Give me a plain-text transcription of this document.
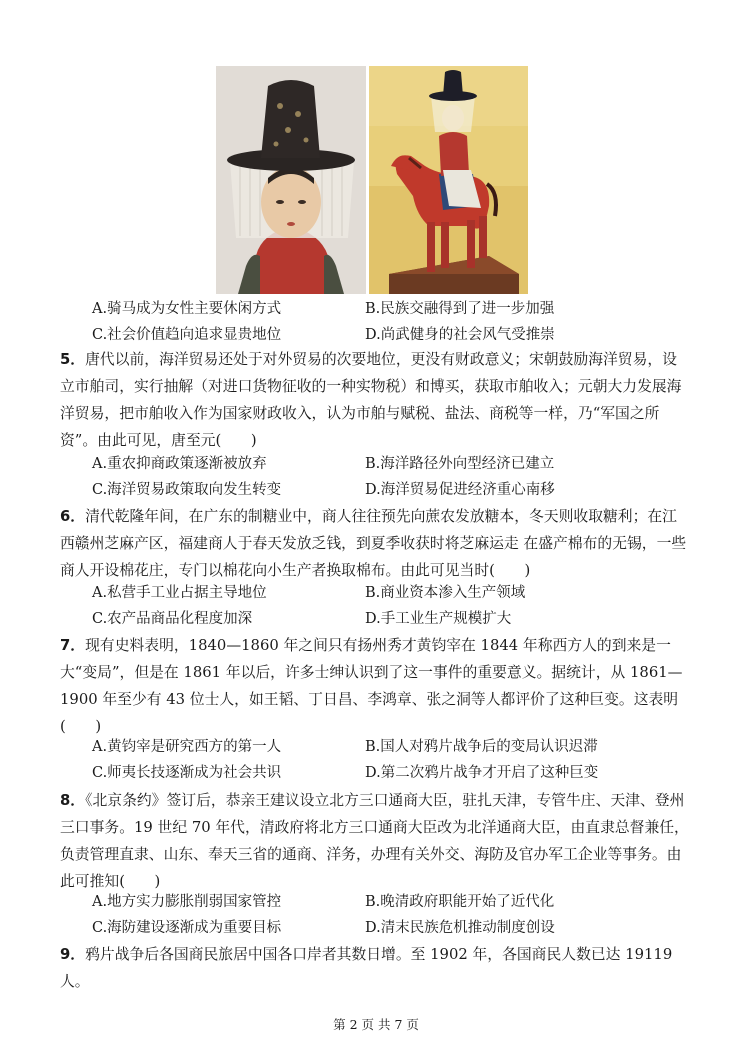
A.骑马成为女性主要休闲方式	B.民族交融得到了进一步加强
C.社会价值趋向追求显贵地位	D.尚武健身的社会风气受推崇
5．唐代以前，海洋贸易还处于对外贸易的次要地位，更没有财政意义；宋朝鼓励海洋贸易，设立市舶司，实行抽解（对进口货物征收的一种实物税）和博买，获取市舶收入；元朝大力发展海洋贸易，把市舶收入作为国家财政收入，认为市舶与赋税、盐法、商税等一样，乃“军国之所资”。由此可见，唐至元(　　)
A.重农抑商政策逐渐被放弃	B.海洋路径外向型经济已建立
C.海洋贸易政策取向发生转变	D.海洋贸易促进经济重心南移
6．清代乾隆年间，在广东的制糖业中，商人往往预先向蔗农发放糖本，冬天则收取糖利；在江西赣州芝麻产区，福建商人于春天发放乏钱，到夏季收获时将芝麻运走 在盛产棉布的无锡，一些商人开设棉花庄，专门以棉花向小生产者换取棉布。由此可见当时(　　)
A.私营手工业占据主导地位	B.商业资本渗入生产领域
C.农产品商品化程度加深	D.手工业生产规模扩大
7．现有史料表明，1840—1860 年之间只有扬州秀才黄钧宰在 1844 年称西方人的到来是一大“变局”，但是在 1861 年以后，许多士绅认识到了这一事件的重要意义。据统计，从 1861—1900 年至少有 43 位士人，如王韬、丁日昌、李鸿章、张之洞等人都评价了这种巨变。这表明(　　)
A.黄钧宰是研究西方的第一人	B.国人对鸦片战争后的变局认识迟滞
C.师夷长技逐渐成为社会共识	D.第二次鸦片战争才开启了这种巨变
8．《北京条约》签订后，恭亲王建议设立北方三口通商大臣，驻扎天津，专管牛庄、天津、登州三口事务。19 世纪 70 年代，清政府将北方三口通商大臣改为北洋通商大臣，由直隶总督兼任，负责管理直隶、山东、奉天三省的通商、洋务，办理有关外交、海防及官办军工企业等事务。由此可推知(　　)
A.地方实力膨胀削弱国家管控	B.晚清政府职能开始了近代化
C.海防建设逐渐成为重要目标	D.清末民族危机推动制度创设
9．鸦片战争后各国商民旅居中国各口岸者其数日增。至 1902 年，各国商民人数已达 19119 人。
第 2 页 共 7 页
